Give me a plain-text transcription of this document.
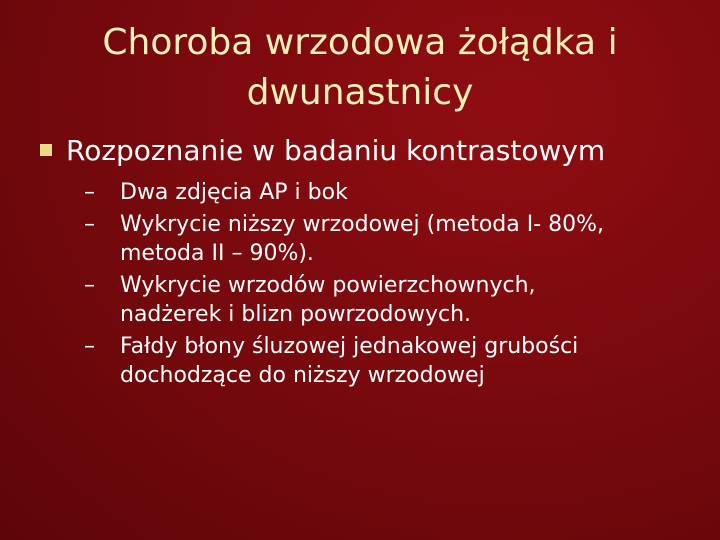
Choroba wrzodowa żołądka i
dwunastnicy
Rozpoznanie w badaniu kontrastowym
– Dwa zdjęcia AP i bok
– Wykrycie niższy wrzodowej (metoda I- 80%,
metoda II – 90%).
– Wykrycie wrzodów powierzchownych,
nadżerek i blizn powrzodowych.
– Fałdy błony śluzowej jednakowej grubości
dochodzące do niższy wrzodowej
